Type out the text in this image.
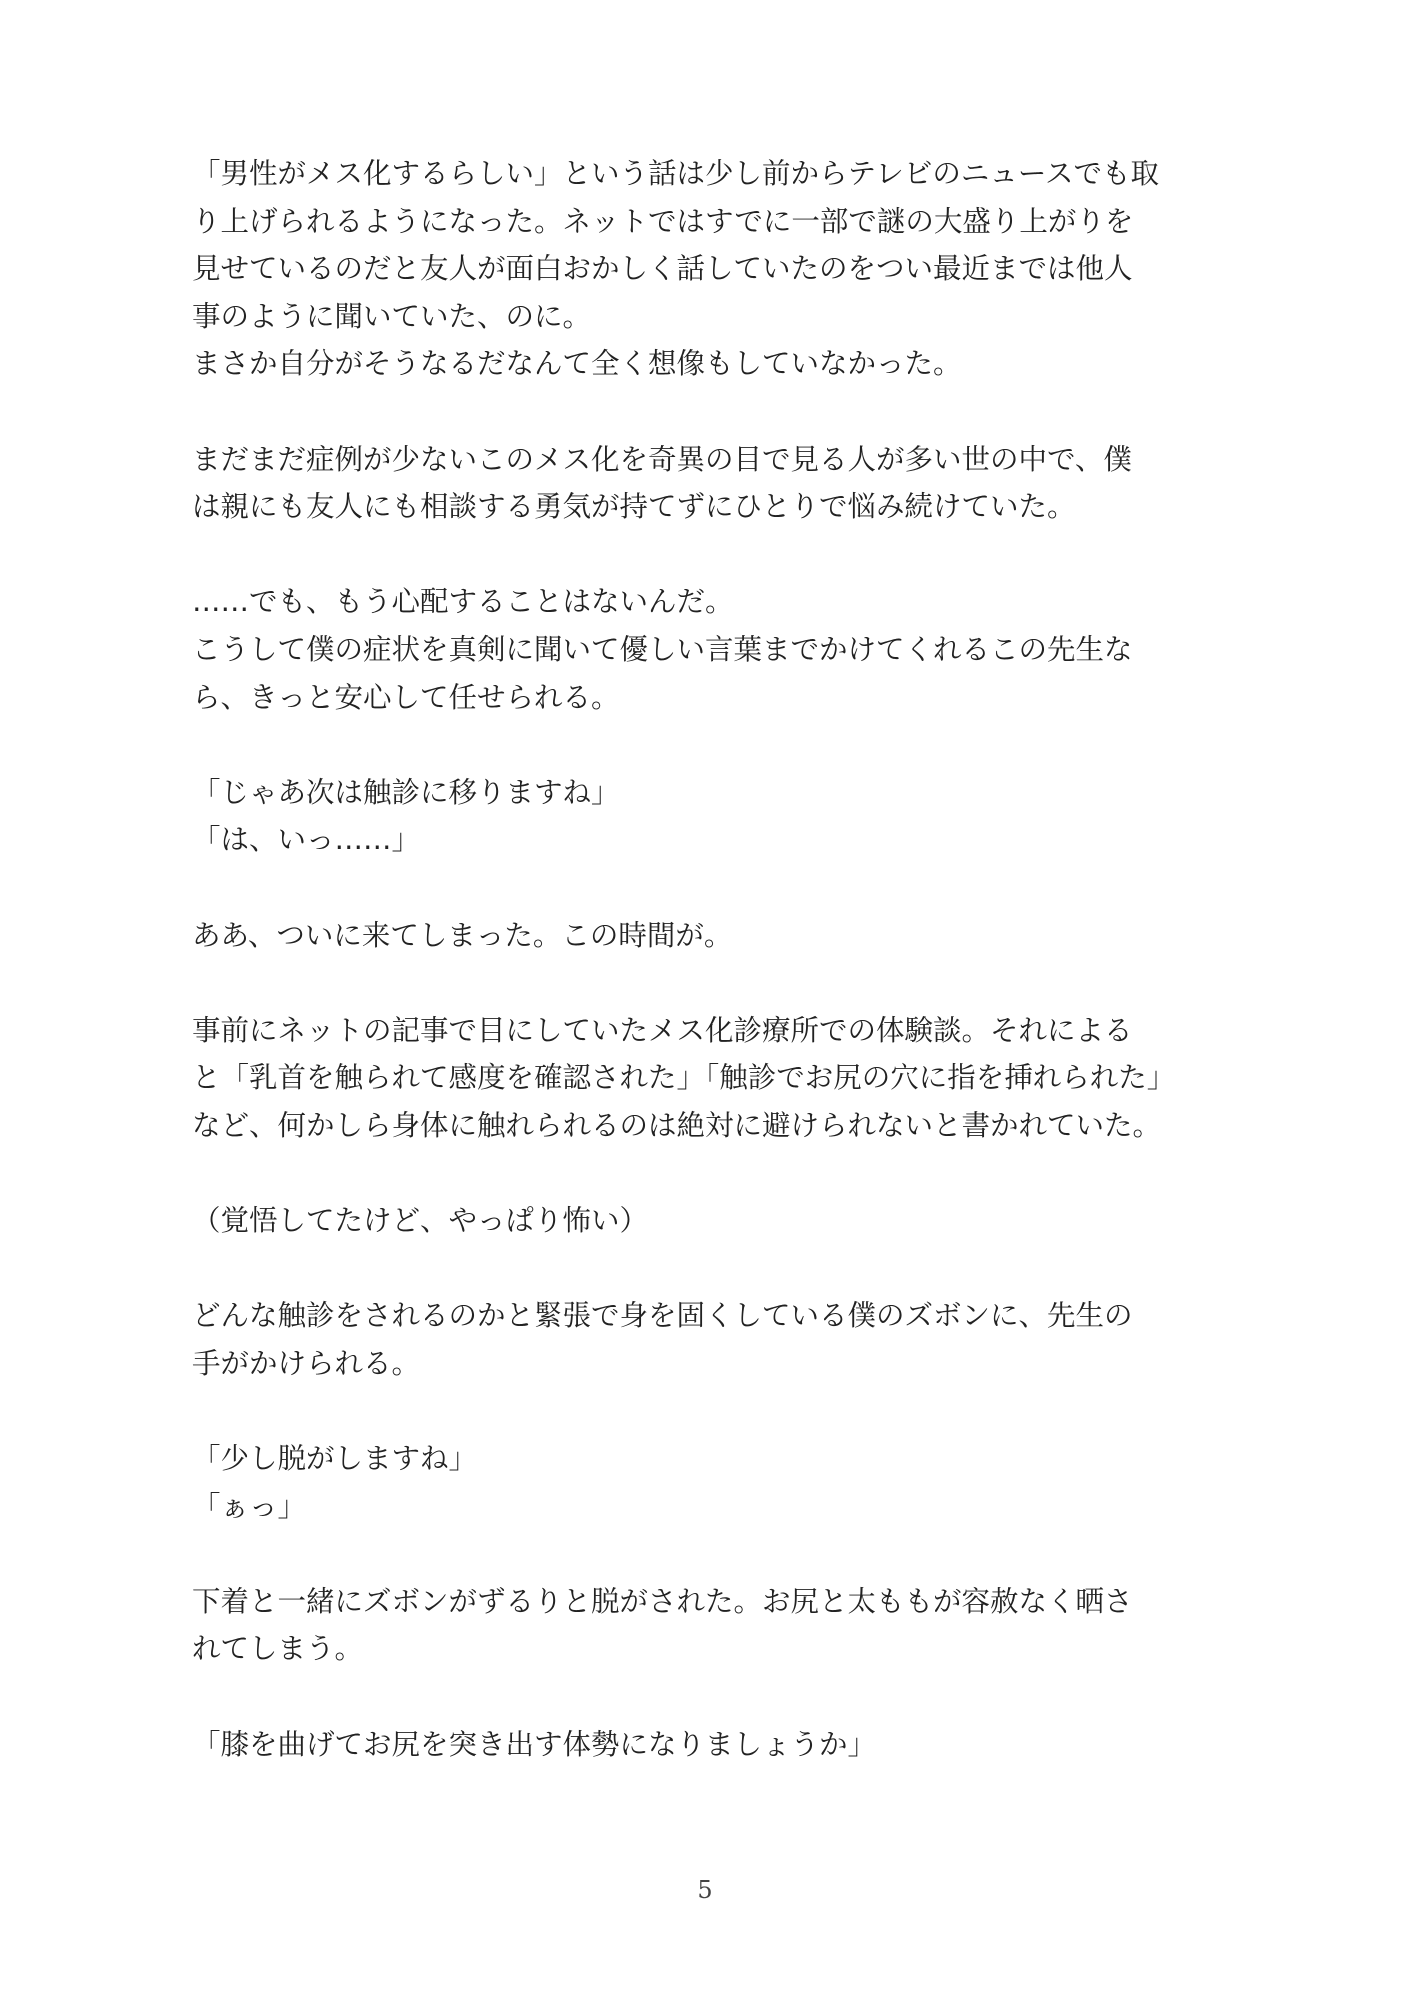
「男性がメス化するらしい」という話は少し前からテレビのニュースでも取
り上げられるようになった。ネットではすでに一部で謎の大盛り上がりを
見せているのだと友人が面白おかしく話していたのをつい最近までは他人
事のように聞いていた、のに。
まさか自分がそうなるだなんて全く想像もしていなかった。
まだまだ症例が少ないこのメス化を奇異の目で見る人が多い世の中で、僕
は親にも友人にも相談する勇気が持てずにひとりで悩み続けていた。
……でも、もう心配することはないんだ。
こうして僕の症状を真剣に聞いて優しい言葉までかけてくれるこの先生な
ら、きっと安心して任せられる。
「じゃあ次は触診に移りますね」
「は、いっ……」
ああ、ついに来てしまった。この時間が。
事前にネットの記事で目にしていたメス化診療所での体験談。それによる
と「乳首を触られて感度を確認された」「触診でお尻の穴に指を挿れられた」
など、何かしら身体に触れられるのは絶対に避けられないと書かれていた。
（覚悟してたけど、やっぱり怖い）
どんな触診をされるのかと緊張で身を固くしている僕のズボンに、先生の
手がかけられる。
「少し脱がしますね」
「ぁっ」
下着と一緒にズボンがずるりと脱がされた。お尻と太ももが容赦なく晒さ
れてしまう。
「膝を曲げてお尻を突き出す体勢になりましょうか」
5
